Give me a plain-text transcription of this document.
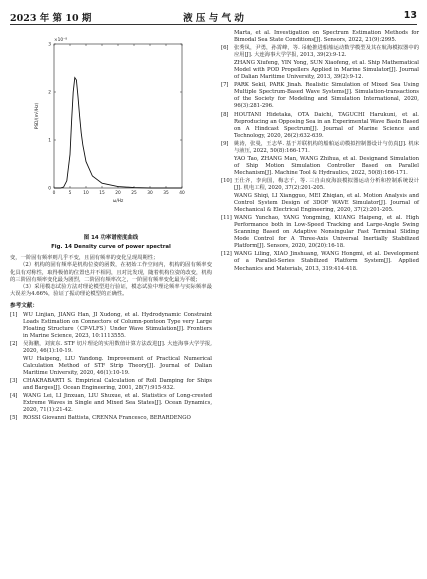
2023 年 第 10 期	液 压 与 气 动	13
0	5	10 15 20 25 30 35 40
0
1
2
3
×10⁻⁸
ω/Hz
PSD/(m²/Hz)
图 14 功率谱密度曲线
Fig. 14 Density curve of power spectral

变，一阶固有频率则几乎不变，且固有频率的变化呈现周期性；

（2）机构的固有频率是机构位姿的函数，在初始工作空间内，机构的固有频率变化具有对称性，取得极值的位置也并不相同，且对比发现，随着机构位姿的改变，机构的三阶固有频率变化最为剧烈，二阶固有频率次之，一阶固有频率变化最为平缓；

（3）采用模态试验方法对理论模型进行验证，模态试验中理论频率与实际频率最大误差为4.66%，验证了振动理论模型的正确性。

参考文献：
[1]	WU Linjian, JIANG Han, JI Xudong, et al. Hydrodynamic Constraint Loads Estimation on Connectors of Column-pontoon Type very Large Floating Structure（CP-VLFS）Under Wave Stimulation[J]. Frontiers in Marine Science, 2023, 10:1113555.
[2]	吴海鹏，刘寅东. STF 切片理论的实用数值计算方法改进[J]. 大连海事大学学报, 2020, 46(1):10-19.
WU Haipeng, LIU Yandong. Improvement of Practical Numerical Calculation Method of STF Strip Theory[J]. Journal of Dalian Maritime University, 2020, 46(1):10-19.
[3]	CHAKRABARTI S. Empirical Calculation of Roll Damping for Ships and Barges[J]. Ocean Engineering, 2001, 28(7):915-932.
[4]	WANG Lei, LI Jinxuan, LIU Shuxue, et al. Statistics of Long-crested Extreme Waves in Single and Mixed Sea States[J]. Ocean Dynamics, 2020, 71(1):21-42.
[5]	ROSSI Giovanni Battista, CRENNA Francesco, BERARDENGO
Marta, et al. Investigation on Spectrum Estimation Methods for Bimodal Sea State Conditions[J]. Sensors, 2022, 21(9):2995.
[6]	张秀凤，尹勇，孙霄峰，等. 吊舱推进船舶运动数学模型及其在航海模拟器中的应用[J]. 大连海事大学学报, 2013, 39(2):9-12.
ZHANG Xiufeng, YIN Yong, SUN Xiaofeng, et al. Ship Mathematical Model with POD Propellers Applied in Marine Simulator[J]. Journal of Dalian Maritime University, 2013, 39(2):9-12.
[7]	PARK Sekil, PARK Jinah. Realistic Simulation of Mixed Sea Using Multiple Spectrum-Based Wave Systems[J]. Simulation-transactions of the Society for Modeling and Simulation International, 2020, 96(3):281-296.
[8]	HOUTANI Hidetaka, OTA Daichi, TAGUCHI Harukuni, et al. Reproducing an Opposing Sea in an Experimental Wave Basin Based on A Hindcast Spectrum[J]. Journal of Marine Science and Technology, 2020, 26(2):632-639.
[9]	姚涛，张曼，王志华. 基于并联机构的船舶运动模拟控制器设计与仿真[J]. 机床与液压, 2022, 50(8):166-171.
YAO Tao, ZHANG Man, WANG Zhihua, et al. Designand Simulation of Ship Motion Simulation Controller Based on Parallel Mechanism[J]. Machine Tool & Hydraulics, 2022, 50(8):166-171.
[10] 王仕齐，李向国，梅志千，等. 三自由度海浪模拟器运动分析和控制系统设计[J]. 机电工程, 2020, 37(2):201-205.
WANG Shiqi, LI Xiangguo, MEI Zhiqian, et al. Motion Analysis and Control System Design of 3DOF WAVE Simulator[J]. Journal of Mechanical & Electrical Engineering, 2020, 37(2):201-205.
[11] WANG Yunchao, YANG Yongming, KUANG Haipeng, et al. High Performance both in Low-Speed Tracking and Large-Angle Swing Scanning Based on Adaptive Nonsingular Fast Terminal Sliding Mode Control for A Three-Axis Universal Inertially Stabilized Platform[J]. Sensors, 2020, 20(20):16-18.
[12] WANG Liling, XIAO Jinshuang, WANG Hongmi, et al. Development of a Parallel-Series Stabilized Platform System[J]. Applied Mechanics and Materials, 2013, 319:414-418.
